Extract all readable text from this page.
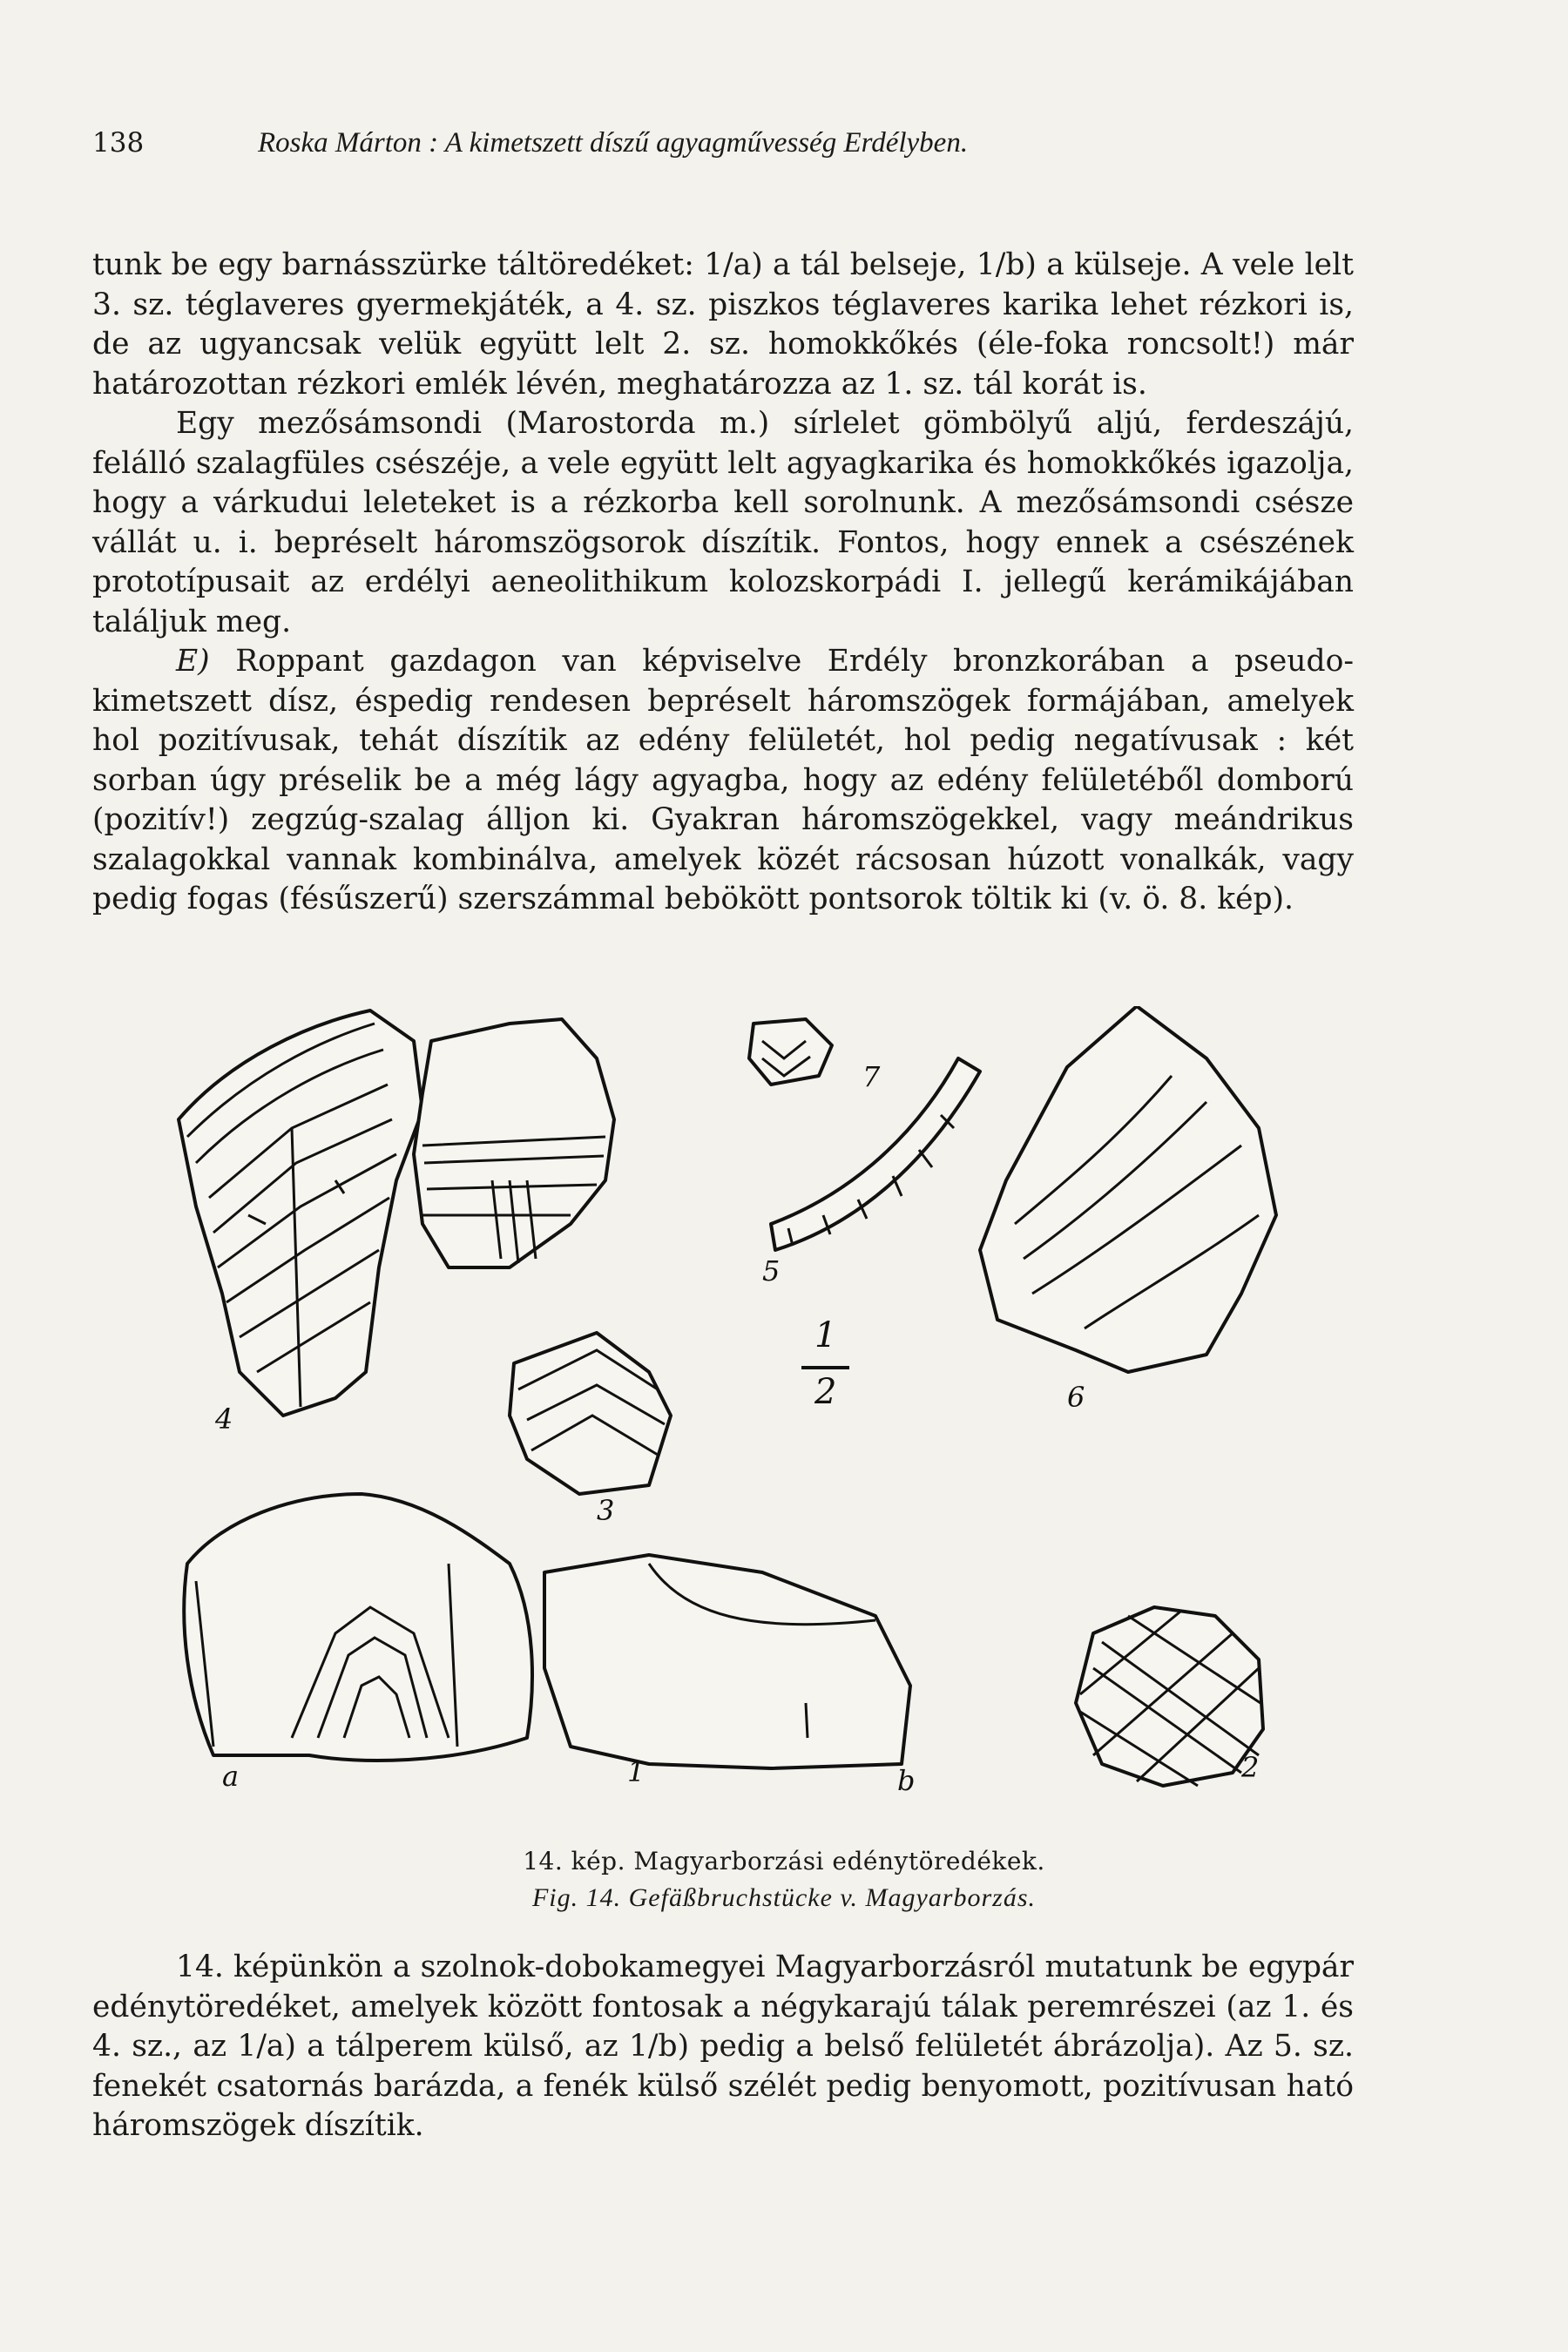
138	Roska Márton : A kimetszett díszű agyagművesség Erdélyben.

tunk be egy barnásszürke táltöredéket: 1/a) a tál belseje, 1/b) a külseje. A vele lelt 3. sz. téglaveres gyermekjáték, a 4. sz. piszkos téglaveres karika lehet rézkori is, de az ugyancsak velük együtt lelt 2. sz. homokkőkés (éle-foka roncsolt!) már határozottan rézkori emlék lévén, meghatározza az 1. sz. tál korát is.

Egy mezősámsondi (Marostorda m.) sírlelet gömbölyű aljú, ferdeszájú, felálló szalagfüles csészéje, a vele együtt lelt agyagkarika és homokkőkés igazolja, hogy a várkudui leleteket is a rézkorba kell sorolnunk. A mezősámsondi csésze vállát u. i. bepréselt háromszögsorok díszítik. Fontos, hogy ennek a csészének prototípusait az erdélyi aeneolithikum kolozskorpádi I. jellegű kerámikájában találjuk meg.

E) Roppant gazdagon van képviselve Erdély bronzkorában a pseudo-kimetszett dísz, éspedig rendesen bepréselt háromszögek formájában, amelyek hol pozitívusak, tehát díszítik az edény felületét, hol pedig negatívusak : két sorban úgy préselik be a még lágy agyagba, hogy az edény felületéből domború (pozitív!) zegzúg-szalag álljon ki. Gyakran háromszögekkel, vagy meándrikus szalagokkal vannak kombinálva, amelyek közét rácsosan húzott vonalkák, vagy pedig fogas (fésűszerű) szerszámmal bebökött pontsorok töltik ki (v. ö. 8. kép).

7
5
1
2
4
3
6
a	1	b	2
14. kép. Magyarborzási edénytöredékek.
Fig. 14. Gefäßbruchstücke v. Magyarborzás.

14. képünkön a szolnok-dobokamegyei Magyarborzásról mutatunk be egypár edénytöredéket, amelyek között fontosak a négykarajú tálak peremrészei (az 1. és 4. sz., az 1/a) a tálperem külső, az 1/b) pedig a belső felületét ábrázolja). Az 5. sz. fenekét csatornás barázda, a fenék külső szélét pedig benyomott, pozitívusan ható háromszögek díszítik.
